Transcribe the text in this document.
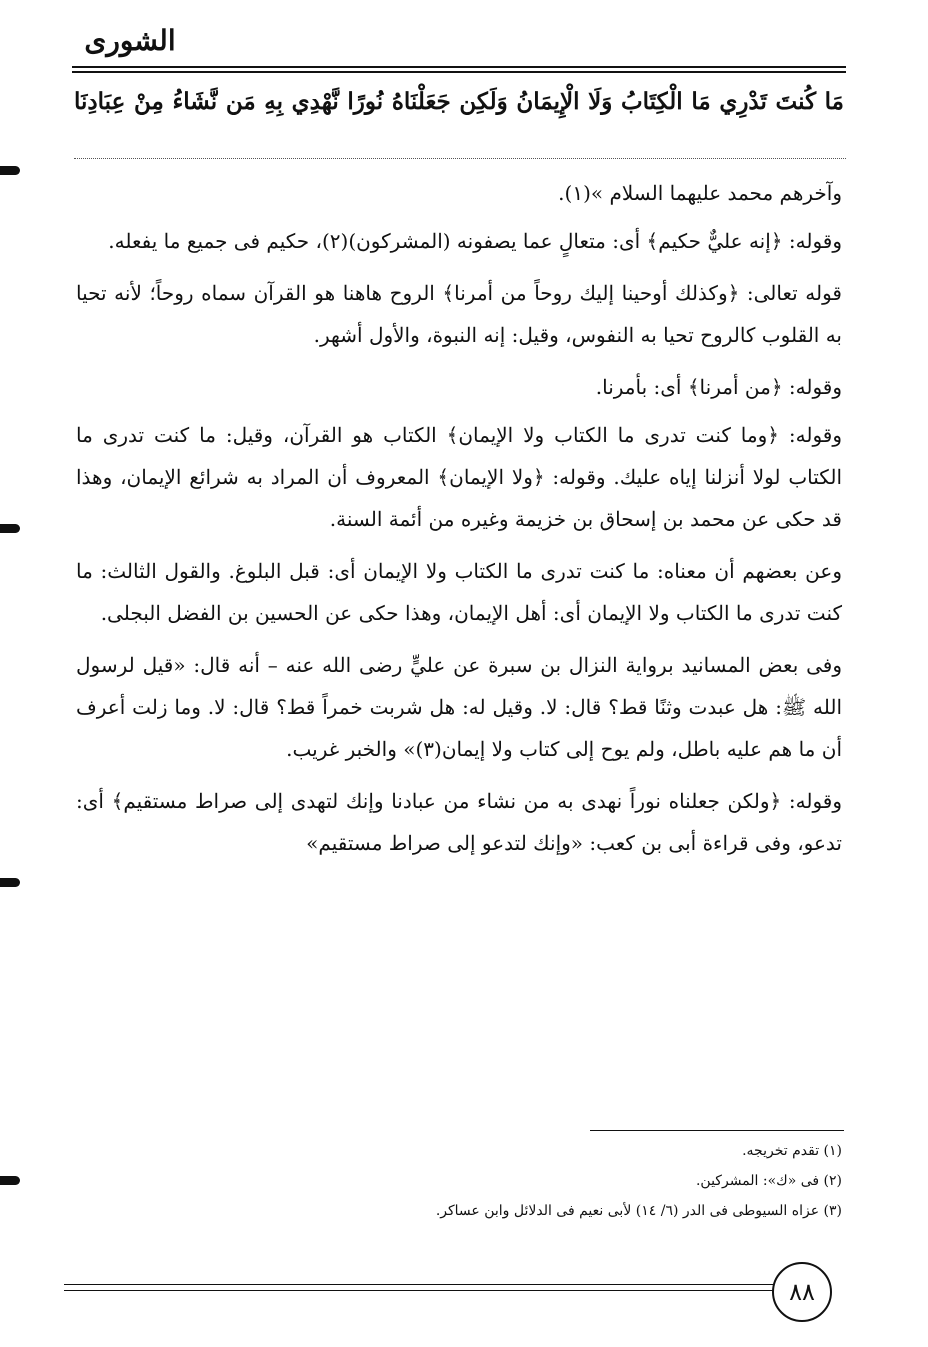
الشورى
مَا كُنتَ تَدْرِي مَا الْكِتَابُ وَلَا الْإِيمَانُ وَلَكِن جَعَلْنَاهُ نُورًا نَّهْدِي بِهِ مَن نَّشَاءُ مِنْ عِبَادِنَا

وآخرهم محمد عليهما السلام »(١).

وقوله: ﴿إنه عليٌّ حكيم﴾ أى: متعالٍ عما يصفونه (المشركون)(٢)، حكيم فى جميع ما يفعله.

قوله تعالى: ﴿وكذلك أوحينا إليك روحاً من أمرنا﴾ الروح هاهنا هو القرآن سماه روحاً؛ لأنه تحيا به القلوب كالروح تحيا به النفوس، وقيل: إنه النبوة، والأول أشهر.

وقوله: ﴿من أمرنا﴾ أى: بأمرنا.

وقوله: ﴿وما كنت تدرى ما الكتاب ولا الإيمان﴾ الكتاب هو القرآن، وقيل: ما كنت تدرى ما الكتاب لولا أنزلنا إياه عليك. وقوله: ﴿ولا الإيمان﴾ المعروف أن المراد به شرائع الإيمان، وهذا قد حكى عن محمد بن إسحاق بن خزيمة وغيره من أئمة السنة.

وعن بعضهم أن معناه: ما كنت تدرى ما الكتاب ولا الإيمان أى: قبل البلوغ. والقول الثالث: ما كنت تدرى ما الكتاب ولا الإيمان أى: أهل الإيمان، وهذا حكى عن الحسين بن الفضل البجلى.

وفى بعض المسانيد برواية النزال بن سبرة عن عليٍّ رضى الله عنه – أنه قال: «قيل لرسول الله ﷺ: هل عبدت وثنًا قط؟ قال: لا. وقيل له: هل شربت خمراً قط؟ قال: لا. وما زلت أعرف أن ما هم عليه باطل، ولم يوح إلى كتاب ولا إيمان(٣)» والخبر غريب.

وقوله: ﴿ولكن جعلناه نوراً نهدى به من نشاء من عبادنا وإنك لتهدى إلى صراط مستقيم﴾ أى: تدعو، وفى قراءة أبى بن كعب: «وإنك لتدعو إلى صراط مستقيم»

(١) تقدم تخريجه.

(٢) فى «ك»: المشركين.

(٣) عزاه السيوطى فى الدر (٦/ ١٤) لأبى نعيم فى الدلائل وابن عساكر.

٨٨
